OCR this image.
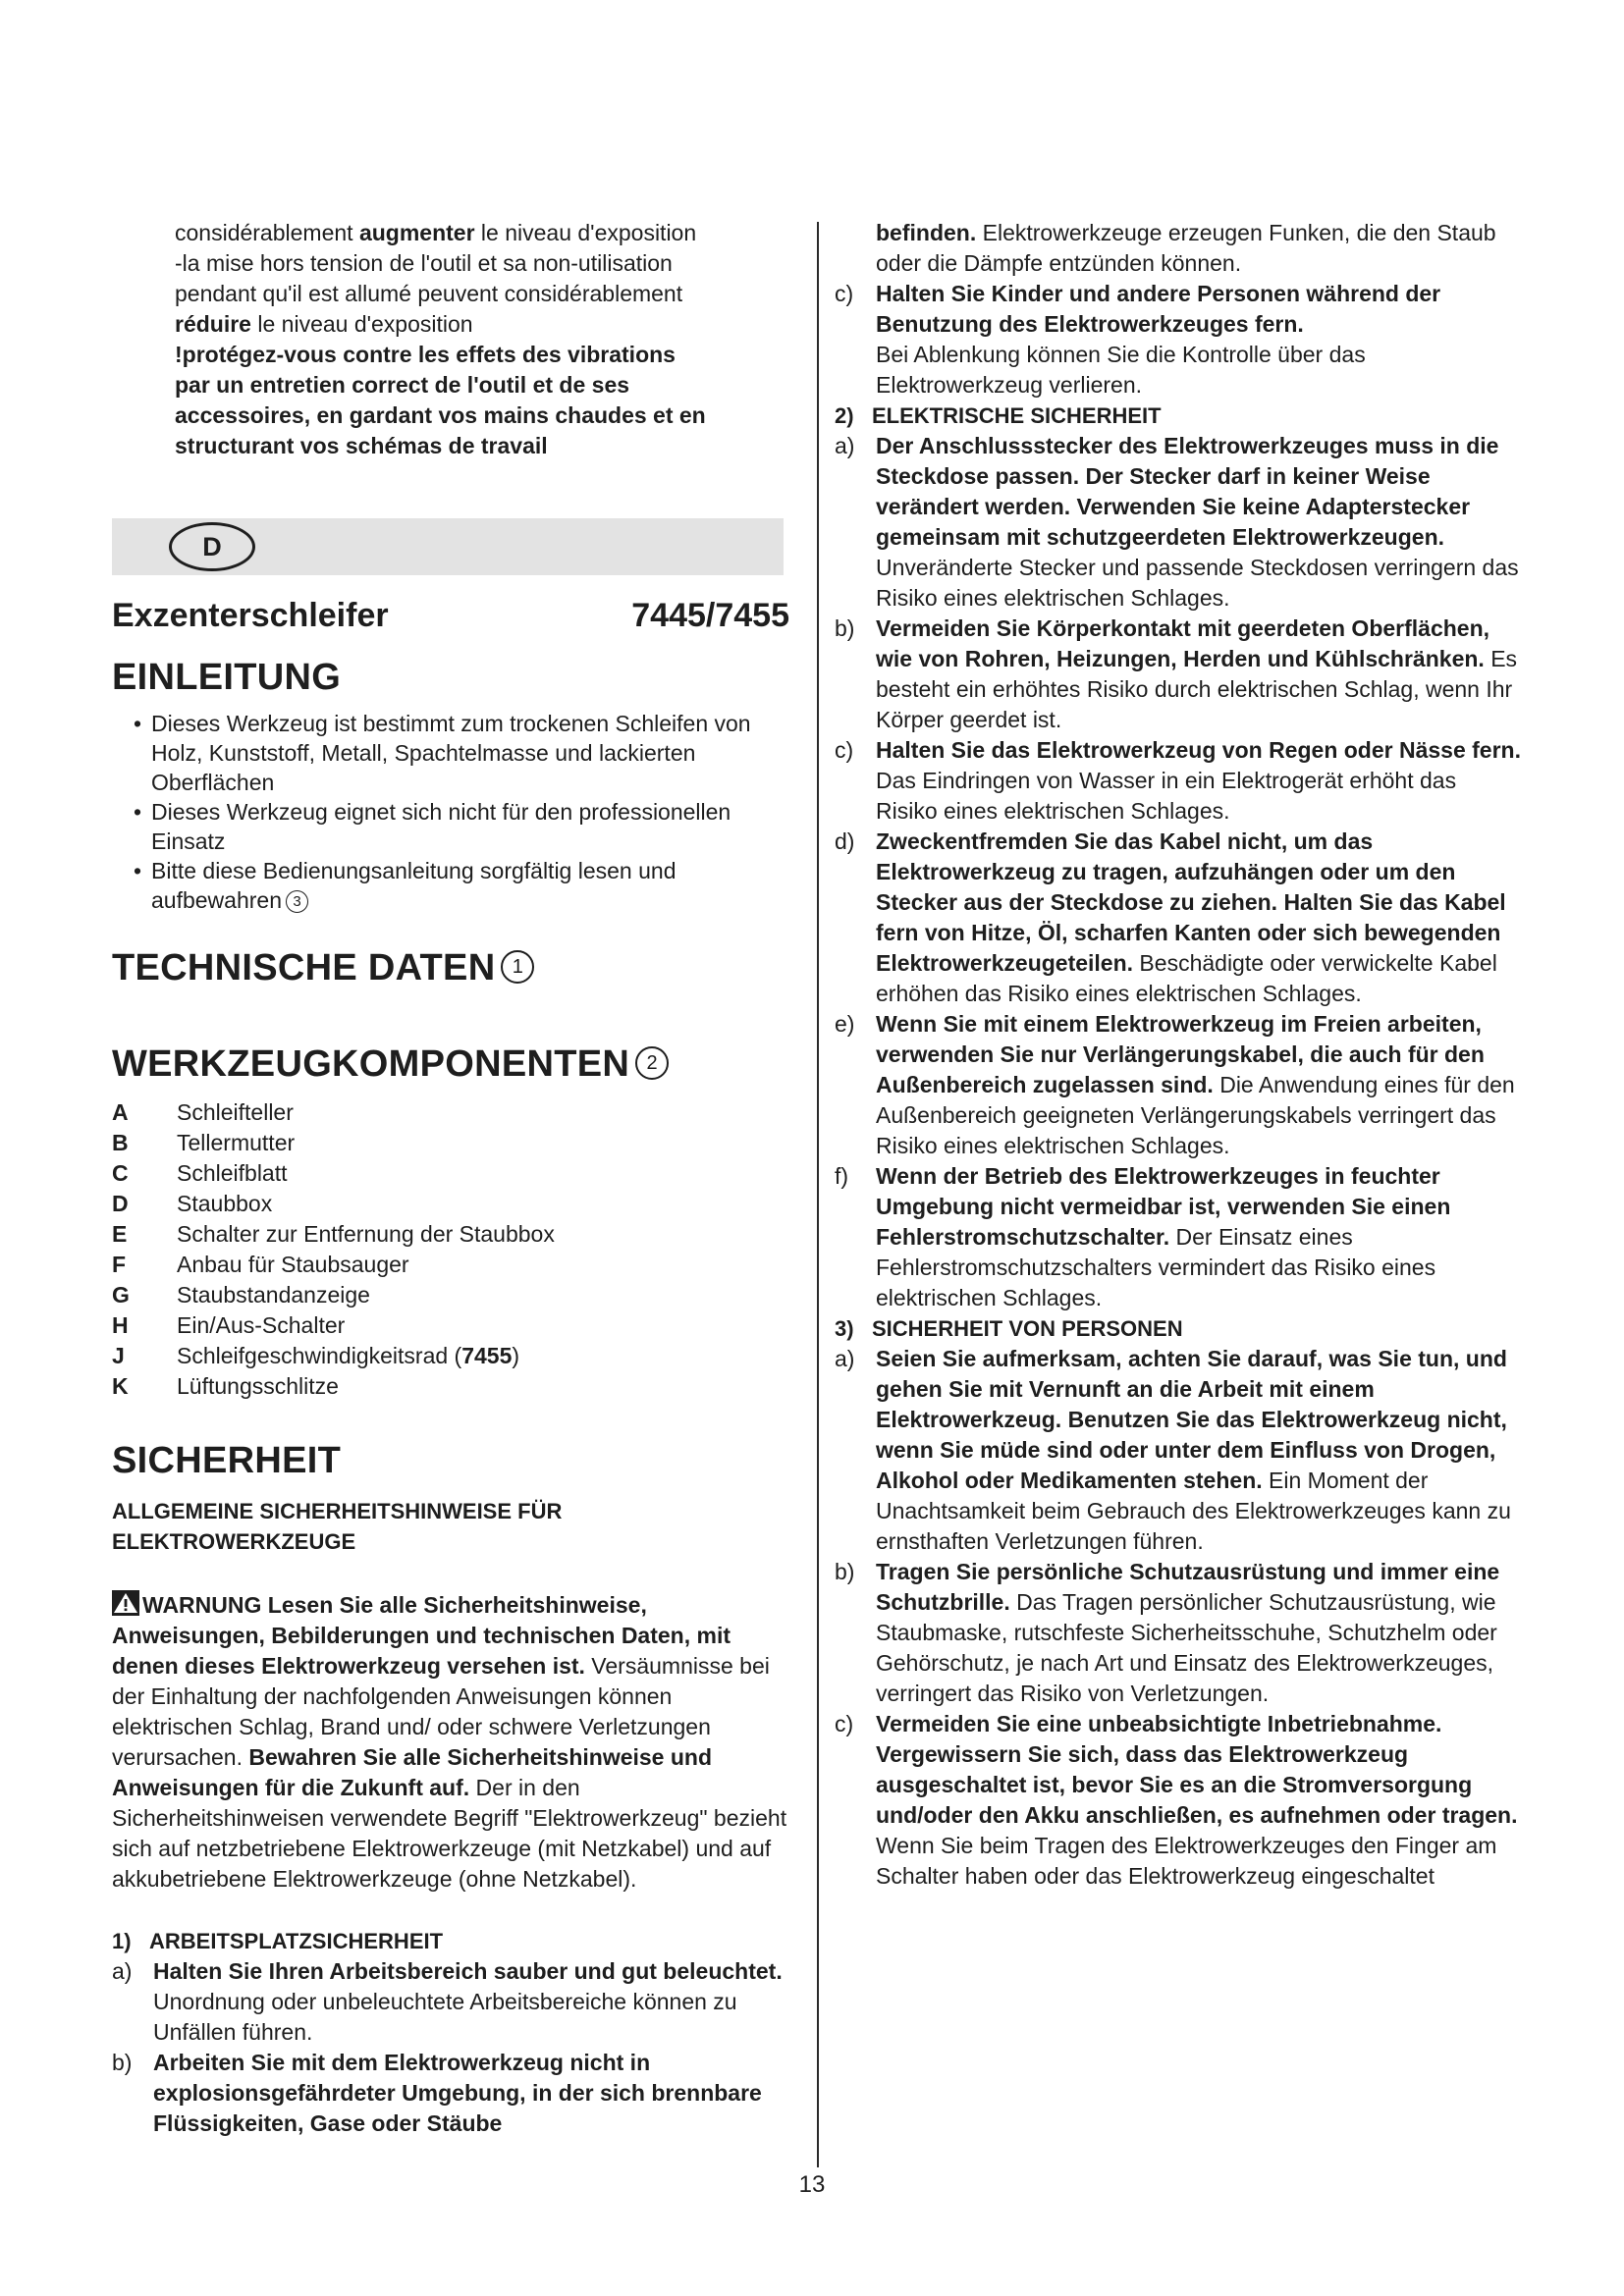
considérablement augmenter le niveau d'exposition

-la mise hors tension de l'outil et sa non-utilisation

pendant qu'il est allumé peuvent considérablement

réduire le niveau d'exposition

!protégez-vous contre les effets des vibrations

par un entretien correct de l'outil et de ses

accessoires, en gardant vos mains chaudes et en

structurant vos schémas de travail

D
Exzenterschleifer	7445/7455
EINLEITUNG
• Dieses Werkzeug ist bestimmt zum trockenen Schleifen von Holz, Kunststoff, Metall, Spachtelmasse und lackierten Oberflächen
• Dieses Werkzeug eignet sich nicht für den professionellen Einsatz
• Bitte diese Bedienungsanleitung sorgfältig lesen und aufbewahren 3
TECHNISCHE DATEN 1
WERKZEUGKOMPONENTEN 2
A	Schleifteller
B	Tellermutter
C	Schleifblatt
D	Staubbox
E	Schalter zur Entfernung der Staubbox
F	Anbau für Staubsauger
G	Staubstandanzeige
H	Ein/Aus-Schalter
J	Schleifgeschwindigkeitsrad (7455)
K	Lüftungsschlitze
SICHERHEIT
ALLGEMEINE SICHERHEITSHINWEISE FÜR
ELEKTROWERKZEUGE

WARNUNG Lesen Sie alle Sicherheitshinweise, Anweisungen, Bebilderungen und technischen Daten, mit denen dieses Elektrowerkzeug versehen ist. Versäumnisse bei der Einhaltung der nachfolgenden Anweisungen können elektrischen Schlag, Brand und/ oder schwere Verletzungen verursachen. Bewahren Sie alle Sicherheitshinweise und Anweisungen für die Zukunft auf. Der in den Sicherheitshinweisen verwendete Begriff "Elektrowerkzeug" bezieht sich auf netzbetriebene Elektrowerkzeuge (mit Netzkabel) und auf akkubetriebene Elektrowerkzeuge (ohne Netzkabel).

1) ARBEITSPLATZSICHERHEIT

a) Halten Sie Ihren Arbeitsbereich sauber und gut beleuchtet. Unordnung oder unbeleuchtete Arbeitsbereiche können zu Unfällen führen.

b) Arbeiten Sie mit dem Elektrowerkzeug nicht in explosionsgefährdeter Umgebung, in der sich brennbare Flüssigkeiten, Gase oder Stäube

befinden. Elektrowerkzeuge erzeugen Funken, die den Staub oder die Dämpfe entzünden können.

c) Halten Sie Kinder und andere Personen während der Benutzung des Elektrowerkzeuges fern.

Bei Ablenkung können Sie die Kontrolle über das Elektrowerkzeug verlieren.

2) ELEKTRISCHE SICHERHEIT

a) Der Anschlussstecker des Elektrowerkzeuges muss in die Steckdose passen. Der Stecker darf in keiner Weise verändert werden. Verwenden Sie keine Adapterstecker gemeinsam mit schutzgeerdeten Elektrowerkzeugen. Unveränderte Stecker und passende Steckdosen verringern das Risiko eines elektrischen Schlages.

b) Vermeiden Sie Körperkontakt mit geerdeten Oberflächen, wie von Rohren, Heizungen, Herden und Kühlschränken. Es besteht ein erhöhtes Risiko durch elektrischen Schlag, wenn Ihr Körper geerdet ist.

c) Halten Sie das Elektrowerkzeug von Regen oder Nässe fern. Das Eindringen von Wasser in ein Elektrogerät erhöht das Risiko eines elektrischen Schlages.

d) Zweckentfremden Sie das Kabel nicht, um das Elektrowerkzeug zu tragen, aufzuhängen oder um den Stecker aus der Steckdose zu ziehen. Halten Sie das Kabel fern von Hitze, Öl, scharfen Kanten oder sich bewegenden Elektrowerkzeugeteilen. Beschädigte oder verwickelte Kabel erhöhen das Risiko eines elektrischen Schlages.

e) Wenn Sie mit einem Elektrowerkzeug im Freien arbeiten, verwenden Sie nur Verlängerungskabel, die auch für den Außenbereich zugelassen sind. Die Anwendung eines für den Außenbereich geeigneten Verlängerungskabels verringert das Risiko eines elektrischen Schlages.

f) Wenn der Betrieb des Elektrowerkzeuges in feuchter Umgebung nicht vermeidbar ist, verwenden Sie einen Fehlerstromschutzschalter. Der Einsatz eines Fehlerstromschutzschalters vermindert das Risiko eines elektrischen Schlages.

3) SICHERHEIT VON PERSONEN

a) Seien Sie aufmerksam, achten Sie darauf, was Sie tun, und gehen Sie mit Vernunft an die Arbeit mit einem Elektrowerkzeug. Benutzen Sie das Elektrowerkzeug nicht, wenn Sie müde sind oder unter dem Einfluss von Drogen, Alkohol oder Medikamenten stehen. Ein Moment der Unachtsamkeit beim Gebrauch des Elektrowerkzeuges kann zu ernsthaften Verletzungen führen.

b) Tragen Sie persönliche Schutzausrüstung und immer eine Schutzbrille. Das Tragen persönlicher Schutzausrüstung, wie Staubmaske, rutschfeste Sicherheitsschuhe, Schutzhelm oder Gehörschutz, je nach Art und Einsatz des Elektrowerkzeuges, verringert das Risiko von Verletzungen.

c) Vermeiden Sie eine unbeabsichtigte Inbetriebnahme. Vergewissern Sie sich, dass das Elektrowerkzeug ausgeschaltet ist, bevor Sie es an die Stromversorgung und/oder den Akku anschließen, es aufnehmen oder tragen. Wenn Sie beim Tragen des Elektrowerkzeuges den Finger am Schalter haben oder das Elektrowerkzeug eingeschaltet

13
